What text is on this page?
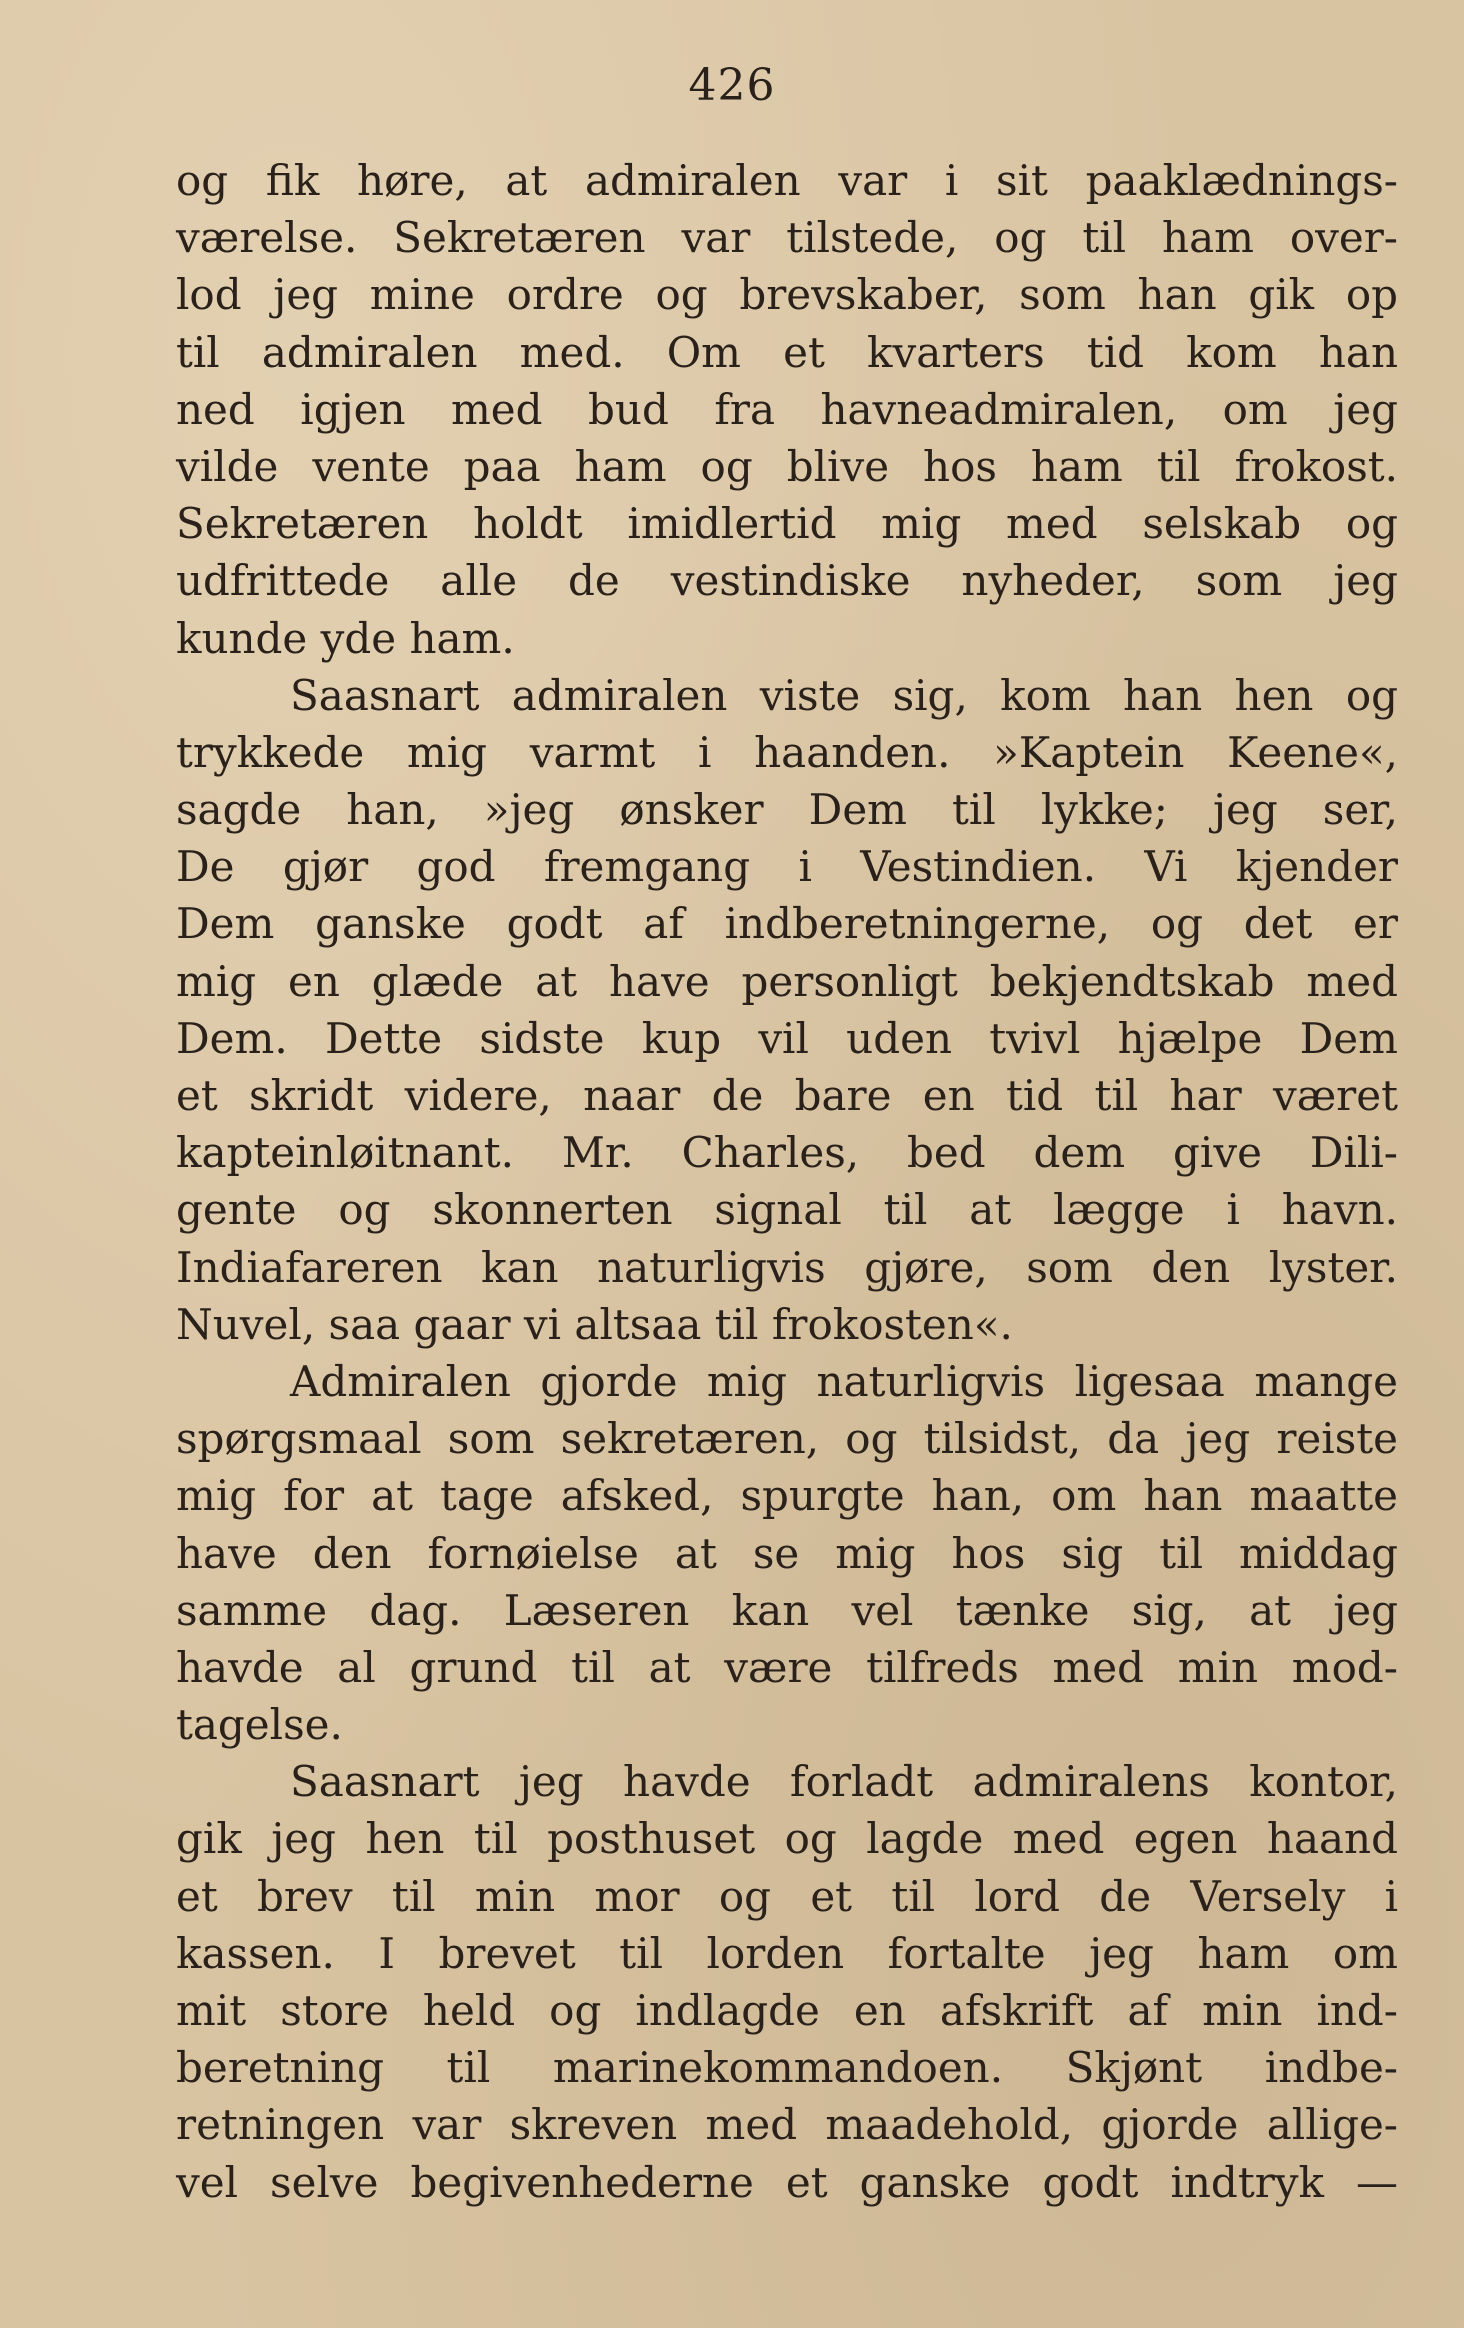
426
og fik høre, at admiralen var i sit paaklædnings-
værelse. Sekretæren var tilstede, og til ham over-
lod jeg mine ordre og brevskaber, som han gik op
til admiralen med. Om et kvarters tid kom han
ned igjen med bud fra havneadmiralen, om jeg
vilde vente paa ham og blive hos ham til frokost.
Sekretæren holdt imidlertid mig med selskab og
udfrittede alle de vestindiske nyheder, som jeg
kunde yde ham.
Saasnart admiralen viste sig, kom han hen og
trykkede mig varmt i haanden. »Kaptein Keene«,
sagde han, »jeg ønsker Dem til lykke; jeg ser,
De gjør god fremgang i Vestindien. Vi kjender
Dem ganske godt af indberetningerne, og det er
mig en glæde at have personligt bekjendtskab med
Dem. Dette sidste kup vil uden tvivl hjælpe Dem
et skridt videre, naar de bare en tid til har været
kapteinløitnant. Mr. Charles, bed dem give Dili-
gente og skonnerten signal til at lægge i havn.
Indiafareren kan naturligvis gjøre, som den lyster.
Nuvel, saa gaar vi altsaa til frokosten«.
Admiralen gjorde mig naturligvis ligesaa mange
spørgsmaal som sekretæren, og tilsidst, da jeg reiste
mig for at tage afsked, spurgte han, om han maatte
have den fornøielse at se mig hos sig til middag
samme dag. Læseren kan vel tænke sig, at jeg
havde al grund til at være tilfreds med min mod-
tagelse.
Saasnart jeg havde forladt admiralens kontor,
gik jeg hen til posthuset og lagde med egen haand
et brev til min mor og et til lord de Versely i
kassen. I brevet til lorden fortalte jeg ham om
mit store held og indlagde en afskrift af min ind-
beretning til marinekommandoen. Skjønt indbe-
retningen var skreven med maadehold, gjorde allige-
vel selve begivenhederne et ganske godt indtryk —
